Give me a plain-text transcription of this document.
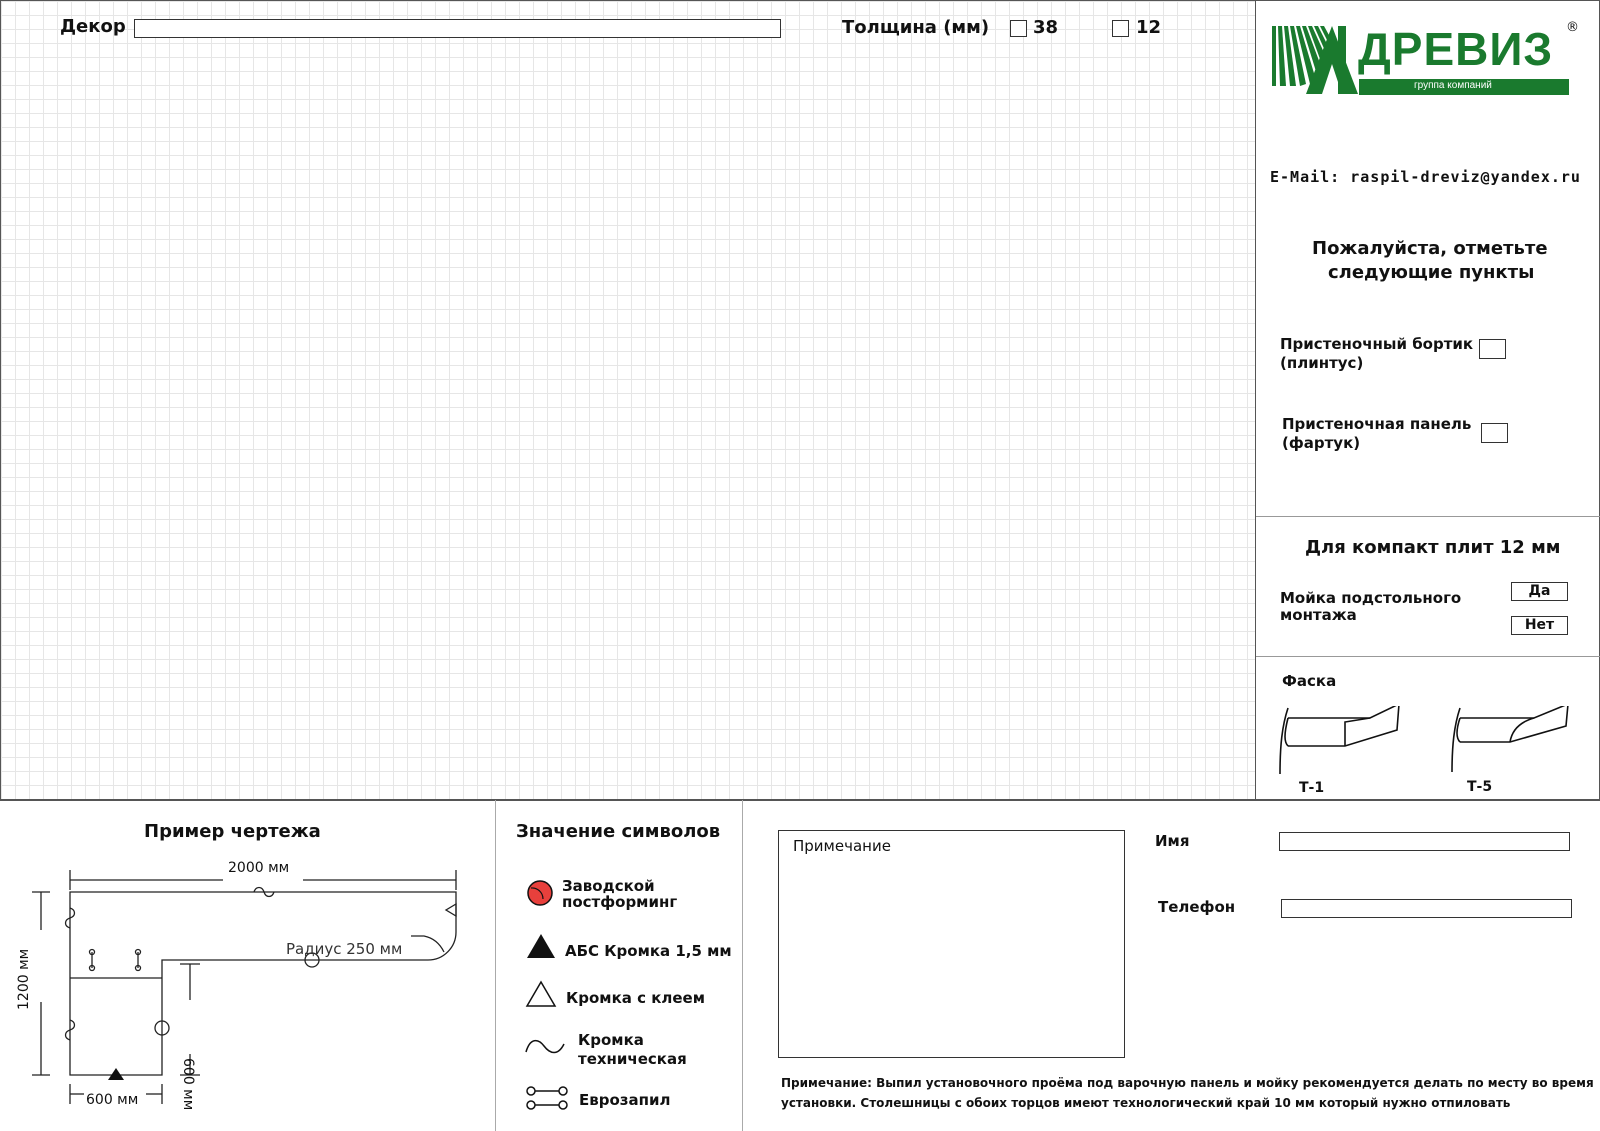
Декор	Толщина (мм) 38	12	ДРЕВИЗ ®
группа компаний
E-Mail: raspil-dreviz@yandex.ru
Пожалуйста, отметьте
следующие пункты
Пристеночный бортик
(плинтус)
Пристеночная панель
(фартук)
Для компакт плит 12 мм
Мойка подстольного
монтажа
Да
Нет
Фаска
Т-1	Т-5
Пример чертежа
2000 мм
1200 мм
600 мм
600 мм
Радиус 250 мм
Значение символов
Заводской
постформинг
АБС Кромка 1,5 мм
Кромка с клеем
Кромка
техническая
Еврозапил
Примечание	Имя
Телефон
Примечание: Выпил установочного проёма под варочную панель и мойку рекомендуется делать по месту во время
установки. Столешницы с обоих торцов имеют технологический край 10 мм который нужно отпиловать
